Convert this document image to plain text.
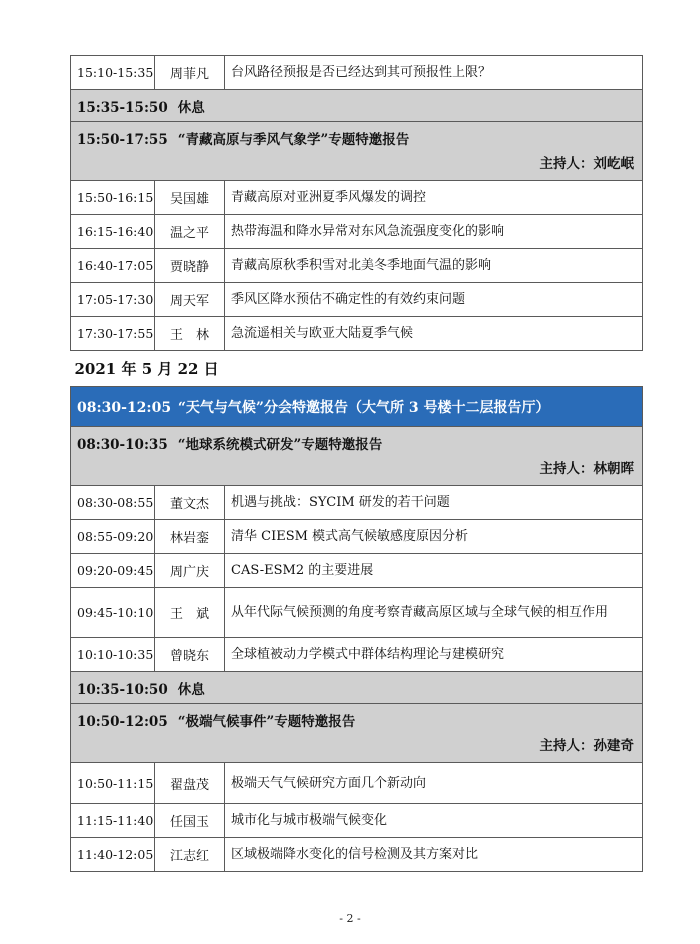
15:10-15:35	周菲凡	台风路径预报是否已经达到其可预报性上限？
15:35-15:50 休息		

15:50-17:55 “青藏高原与季风气象学”专题特邀报告
主持人：刘屹岷		

15:50-16:15	吴国雄	青藏高原对亚洲夏季风爆发的调控
16:15-16:40	温之平	热带海温和降水异常对东风急流强度变化的影响
16:40-17:05	贾晓静	青藏高原秋季积雪对北美冬季地面气温的影响
17:05-17:30	周天军	季风区降水预估不确定性的有效约束问题
17:30-17:55	王　林	急流遥相关与欧亚大陆夏季气候
2021 年 5 月 22 日		
08:30-12:05 “天气与气候”分会特邀报告（大气所 3 号楼十二层报告厅）		

08:30-10:35 “地球系统模式研发”专题特邀报告
主持人：林朝晖		

08:30-08:55	董文杰	机遇与挑战：SYCIM 研发的若干问题
08:55-09:20	林岩銮	清华 CIESM 模式高气候敏感度原因分析
09:20-09:45	周广庆	CAS-ESM2 的主要进展
09:45-10:10	王　斌	从年代际气候预测的角度考察青藏高原区域与全球气候的相互作用
10:10-10:35	曾晓东	全球植被动力学模式中群体结构理论与建模研究
10:35-10:50 休息		

10:50-12:05 “极端气候事件”专题特邀报告
主持人：孙建奇		

10:50-11:15	翟盘茂	极端天气气候研究方面几个新动向
11:15-11:40	任国玉	城市化与城市极端气候变化
11:40-12:05	江志红	区域极端降水变化的信号检测及其方案对比
- 2 -
